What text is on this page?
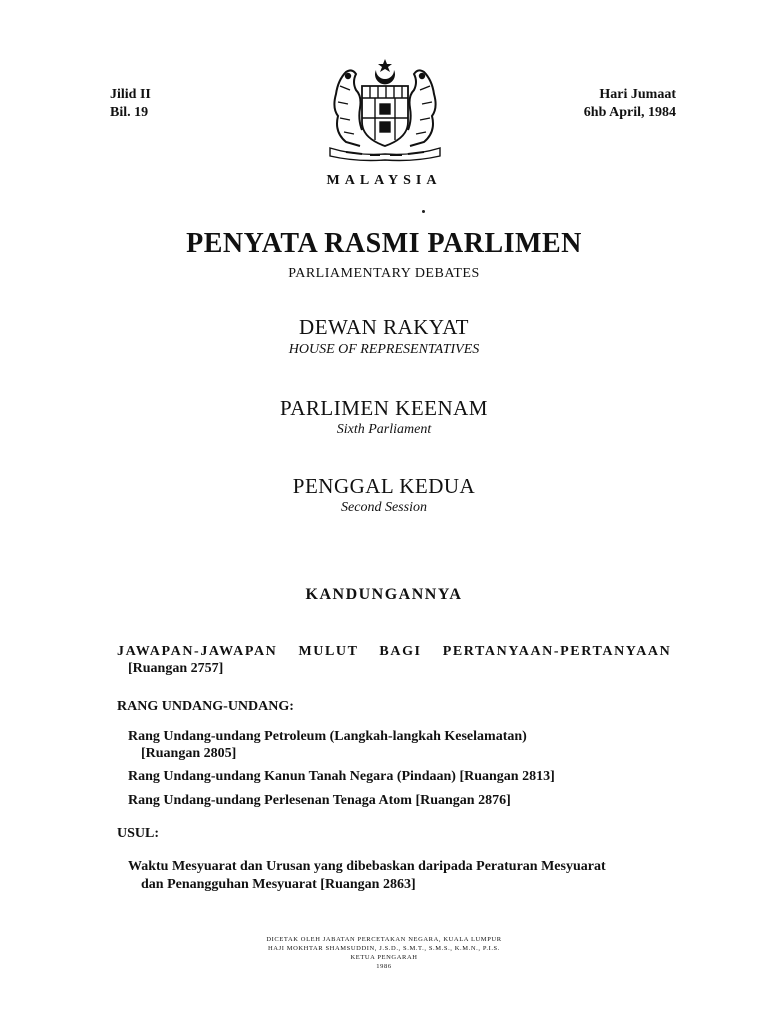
Jilid II
Bil. 19
Hari Jumaat
6hb April, 1984
MALAYSIA
PENYATA RASMI PARLIMEN
PARLIAMENTARY DEBATES
DEWAN RAKYAT
HOUSE OF REPRESENTATIVES
PARLIMEN KEENAM
Sixth Parliament
PENGGAL KEDUA
Second Session
KANDUNGANNYA
JAWAPAN-JAWAPAN MULUT BAGI PERTANYAAN-PERTANYAAN
[Ruangan 2757]
RANG UNDANG-UNDANG:
Rang Undang-undang Petroleum (Langkah-langkah Keselamatan)
[Ruangan 2805]
Rang Undang-undang Kanun Tanah Negara (Pindaan) [Ruangan 2813]
Rang Undang-undang Perlesenan Tenaga Atom [Ruangan 2876]
USUL:
Waktu Mesyuarat dan Urusan yang dibebaskan daripada Peraturan Mesyuarat
dan Penangguhan Mesyuarat [Ruangan 2863]
DICETAK OLEH JABATAN PERCETAKAN NEGARA, KUALA LUMPUR
HAJI MOKHTAR SHAMSUDDIN, J.S.D., S.M.T., S.M.S., K.M.N., P.I.S.
KETUA PENGARAH
1986
